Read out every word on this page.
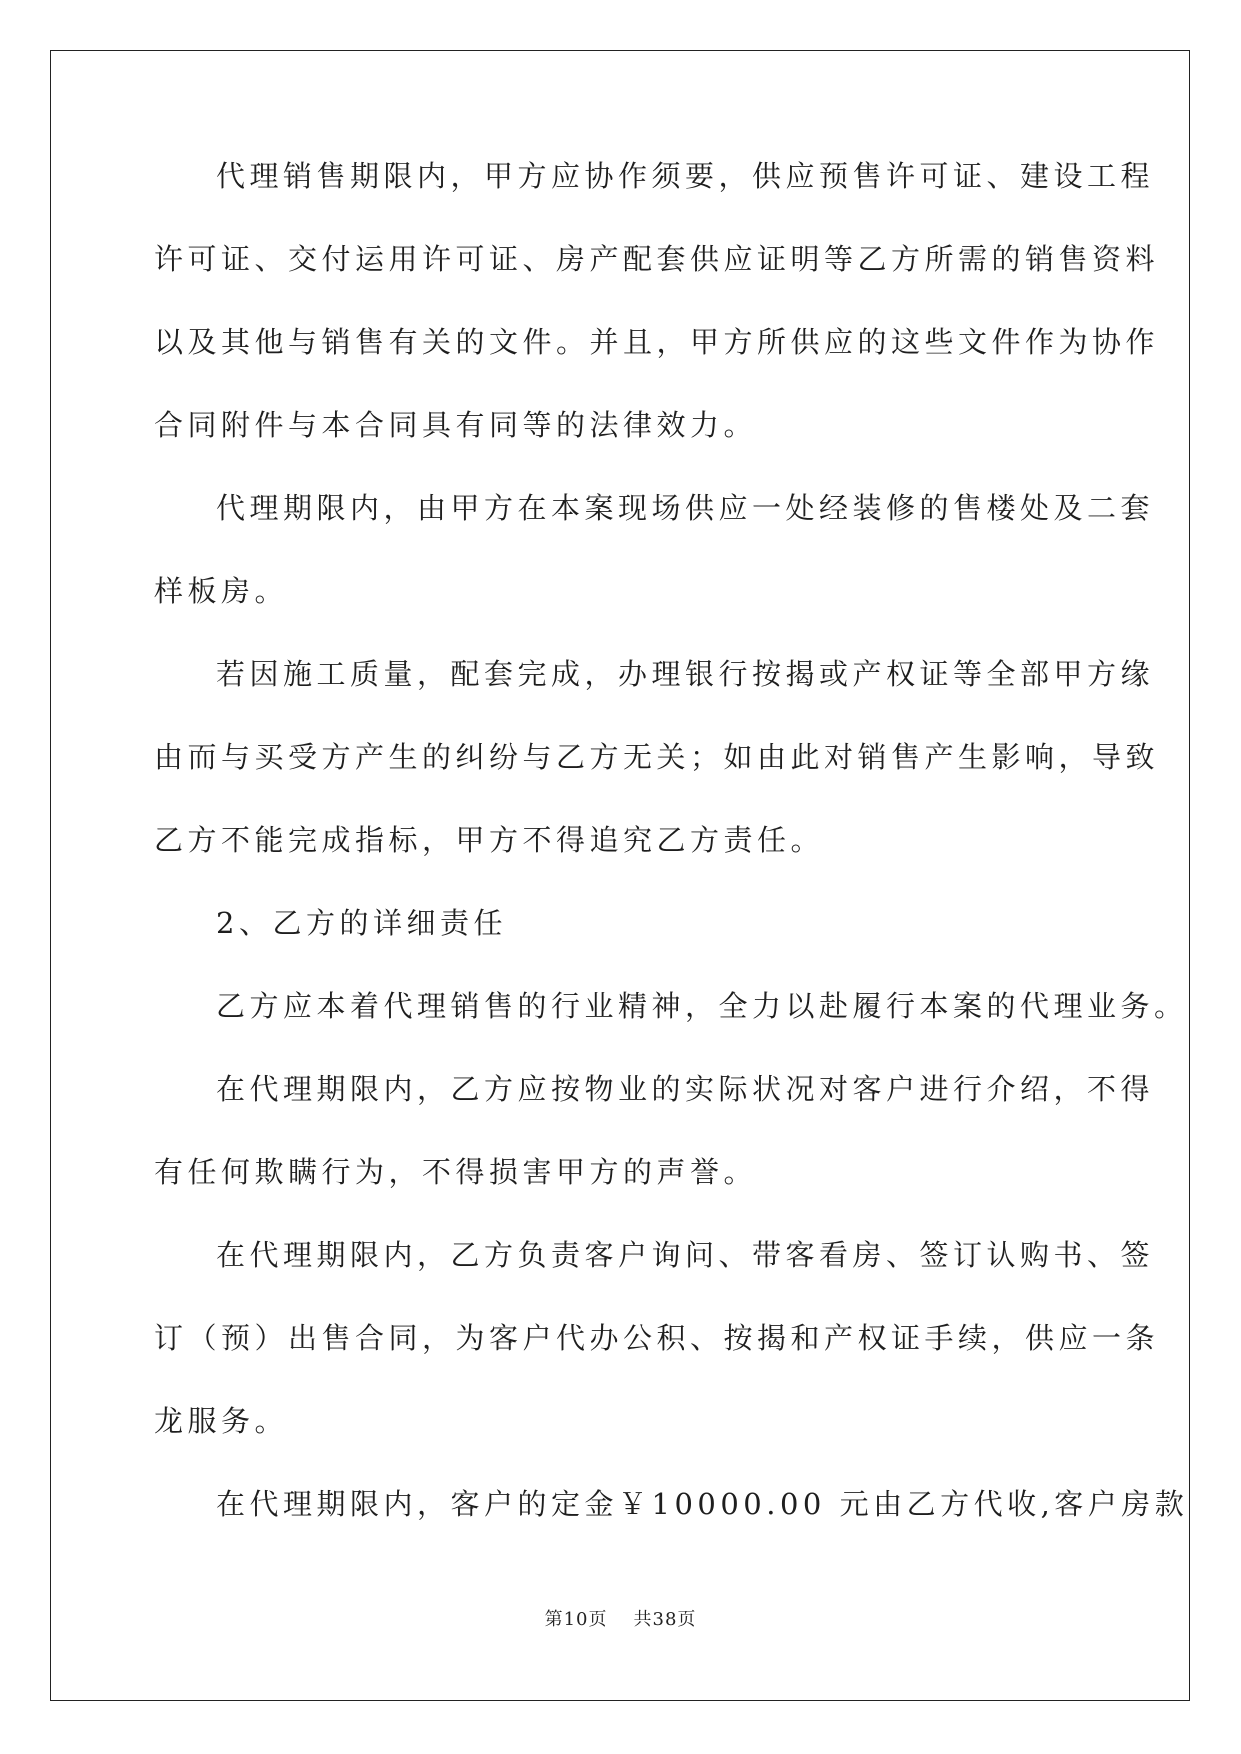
代理销售期限内，甲方应协作须要，供应预售许可证、建设工程

许可证、交付运用许可证、房产配套供应证明等乙方所需的销售资料

以及其他与销售有关的文件。并且，甲方所供应的这些文件作为协作

合同附件与本合同具有同等的法律效力。

代理期限内，由甲方在本案现场供应一处经装修的售楼处及二套

样板房。

若因施工质量，配套完成，办理银行按揭或产权证等全部甲方缘

由而与买受方产生的纠纷与乙方无关；如由此对销售产生影响，导致

乙方不能完成指标，甲方不得追究乙方责任。

2、乙方的详细责任

乙方应本着代理销售的行业精神，全力以赴履行本案的代理业务。

在代理期限内，乙方应按物业的实际状况对客户进行介绍，不得

有任何欺瞒行为，不得损害甲方的声誉。

在代理期限内，乙方负责客户询问、带客看房、签订认购书、签

订（预）出售合同，为客户代办公积、按揭和产权证手续，供应一条

龙服务。

在代理期限内，客户的定金￥10000.00 元由乙方代收,客户房款

第10页 共38页
